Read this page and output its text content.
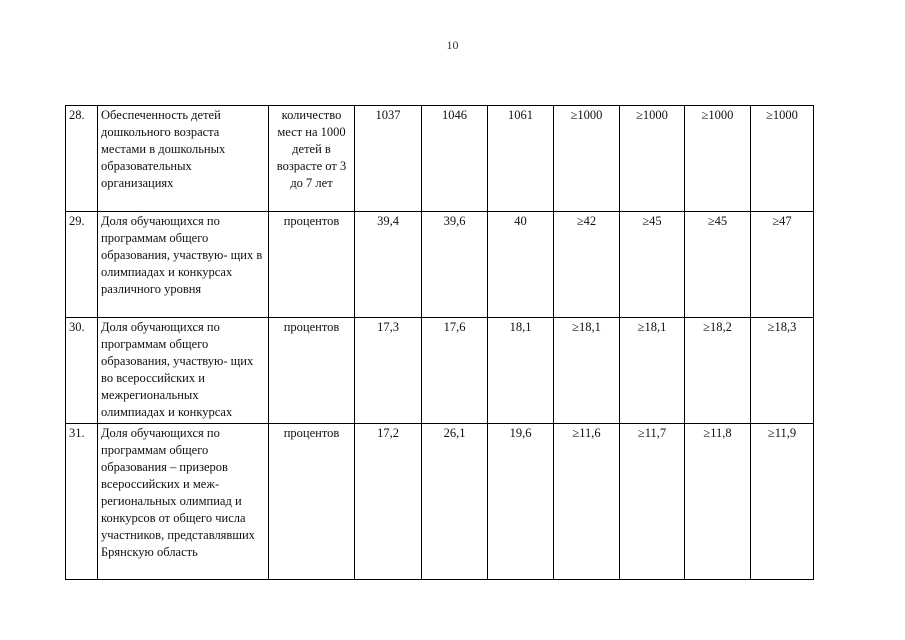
10
28.	Обеспеченность детей дошкольного возраста местами в дошкольных образовательных организациях	количество мест на 1000 детей в возрасте от 3 до 7 лет	1037	1046	1061	≥1000	≥1000	≥1000	≥1000
29.	Доля обучающихся по программам общего образования, участвую- щих в олимпиадах и конкурсах различного уровня	процентов	39,4	39,6	40	≥42	≥45	≥45	≥47
30.	Доля обучающихся по программам общего образования, участвую- щих во всероссийских и межрегиональных олимпиадах и конкурсах	процентов	17,3	17,6	18,1	≥18,1	≥18,1	≥18,2	≥18,3
31.	Доля обучающихся по программам общего образования – призеров всероссийских и меж- региональных олимпиад и конкурсов от общего числа участников, представлявших Брянскую область	процентов	17,2	26,1	19,6	≥11,6	≥11,7	≥11,8	≥11,9
